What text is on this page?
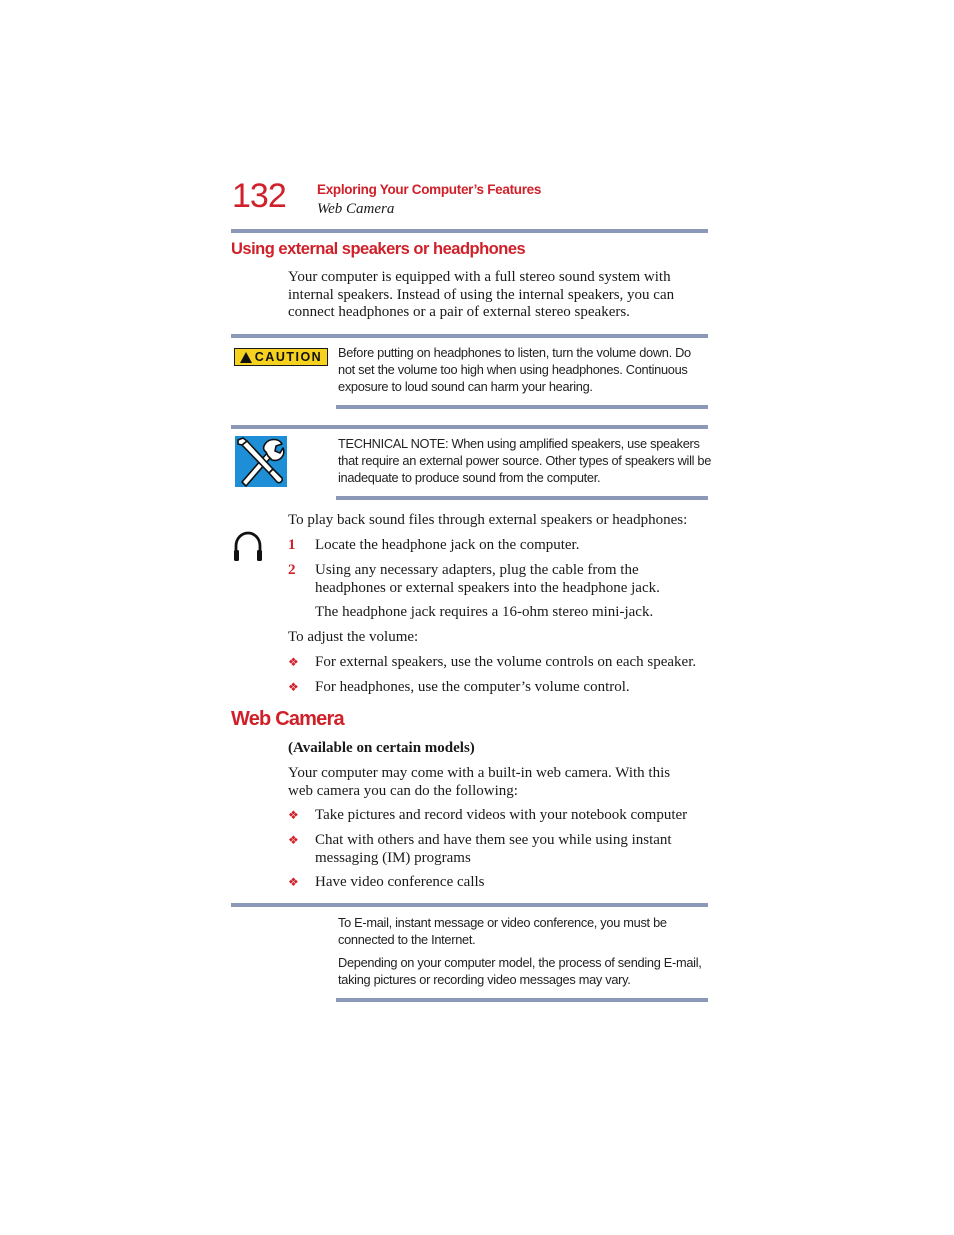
132 Exploring Your Computer’s Features
Web Camera
Using external speakers or headphones
Your computer is equipped with a full stereo sound system with
internal speakers. Instead of using the internal speakers, you can
connect headphones or a pair of external stereo speakers.
CAUTION Before putting on headphones to listen, turn the volume down. Do
not set the volume too high when using headphones. Continuous
exposure to loud sound can harm your hearing.
TECHNICAL NOTE: When using amplified speakers, use speakers
that require an external power source. Other types of speakers will be
inadequate to produce sound from the computer.
To play back sound files through external speakers or headphones:
1 Locate the headphone jack on the computer.
2 Using any necessary adapters, plug the cable from the
headphones or external speakers into the headphone jack.
The headphone jack requires a 16-ohm stereo mini-jack.
To adjust the volume:
❖ For external speakers, use the volume controls on each speaker.
❖ For headphones, use the computer’s volume control.
Web Camera
(Available on certain models)
Your computer may come with a built-in web camera. With this
web camera you can do the following:
❖ Take pictures and record videos with your notebook computer
❖ Chat with others and have them see you while using instant
messaging (IM) programs
❖ Have video conference calls
To E-mail, instant message or video conference, you must be
connected to the Internet.
Depending on your computer model, the process of sending E-mail,
taking pictures or recording video messages may vary.
